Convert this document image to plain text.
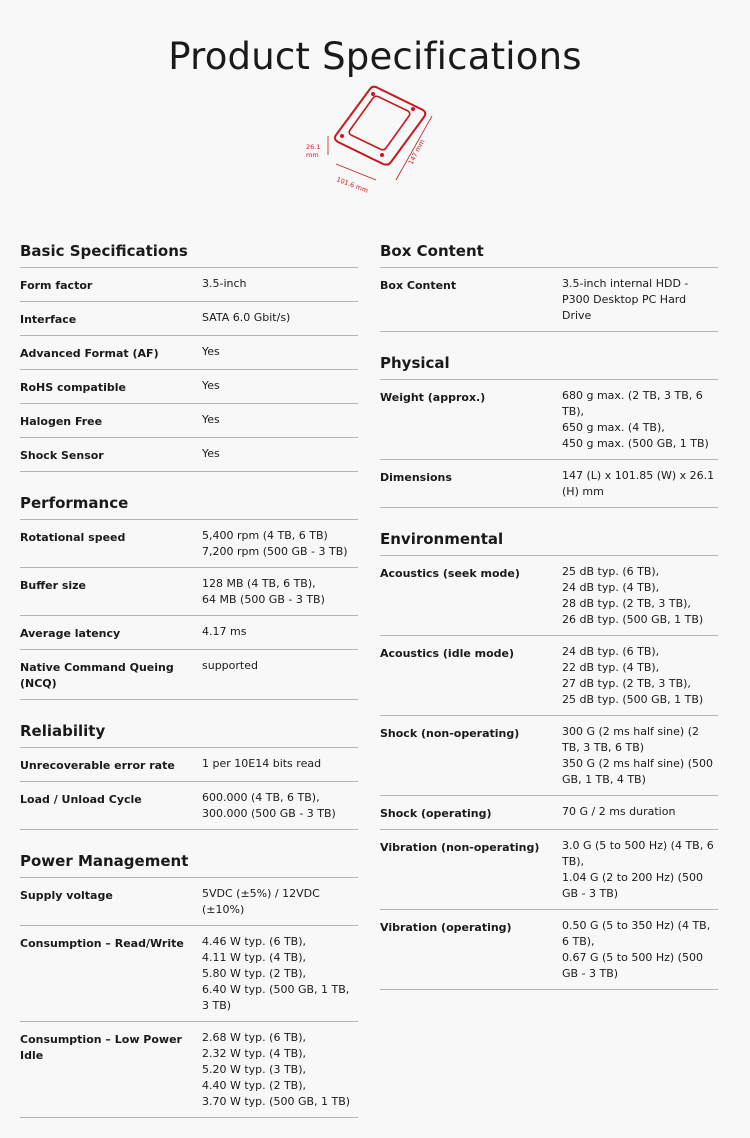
Product Specifications
26.1
mm
101.6 mm
147 mm
Basic Specifications
Form factor	3.5-inch
Interface	SATA 6.0 Gbit/s)
Advanced Format (AF)	Yes
RoHS compatible	Yes
Halogen Free	Yes
Shock Sensor	Yes
Performance
Rotational speed	5,400 rpm (4 TB, 6 TB)
7,200 rpm (500 GB - 3 TB)
Buffer size	128 MB (4 TB, 6 TB),
64 MB (500 GB - 3 TB)
Average latency	4.17 ms
Native Command Queing (NCQ)	supported
Reliability
Unrecoverable error rate	1 per 10E14 bits read
Load / Unload Cycle	600.000 (4 TB, 6 TB),
300.000 (500 GB - 3 TB)
Power Management
Supply voltage	5VDC (±5%) / 12VDC (±10%)
Consumption – Read/Write	4.46 W typ. (6 TB),
4.11 W typ. (4 TB),
5.80 W typ. (2 TB),
6.40 W typ. (500 GB, 1 TB, 3 TB)
Consumption – Low Power Idle	2.68 W typ. (6 TB),
2.32 W typ. (4 TB),
5.20 W typ. (3 TB),
4.40 W typ. (2 TB),
3.70 W typ. (500 GB, 1 TB)
Box Content
Box Content	3.5-inch internal HDD - P300 Desktop PC Hard Drive
Physical
Weight (approx.)	680 g max. (2 TB, 3 TB, 6 TB),
650 g max. (4 TB),
450 g max. (500 GB, 1 TB)
Dimensions	147 (L) x 101.85 (W) x 26.1 (H) mm
Environmental
Acoustics (seek mode)	25 dB typ. (6 TB),
24 dB typ. (4 TB),
28 dB typ. (2 TB, 3 TB),
26 dB typ. (500 GB, 1 TB)
Acoustics (idle mode)	24 dB typ. (6 TB),
22 dB typ. (4 TB),
27 dB typ. (2 TB, 3 TB),
25 dB typ. (500 GB, 1 TB)
Shock (non-operating)	300 G (2 ms half sine) (2 TB, 3 TB, 6 TB)
350 G (2 ms half sine) (500 GB, 1 TB, 4 TB)
Shock (operating)	70 G / 2 ms duration
Vibration (non-operating)	3.0 G (5 to 500 Hz) (4 TB, 6 TB),
1.04 G (2 to 200 Hz) (500 GB - 3 TB)
Vibration (operating)	0.50 G (5 to 350 Hz) (4 TB, 6 TB),
0.67 G (5 to 500 Hz) (500 GB - 3 TB)
